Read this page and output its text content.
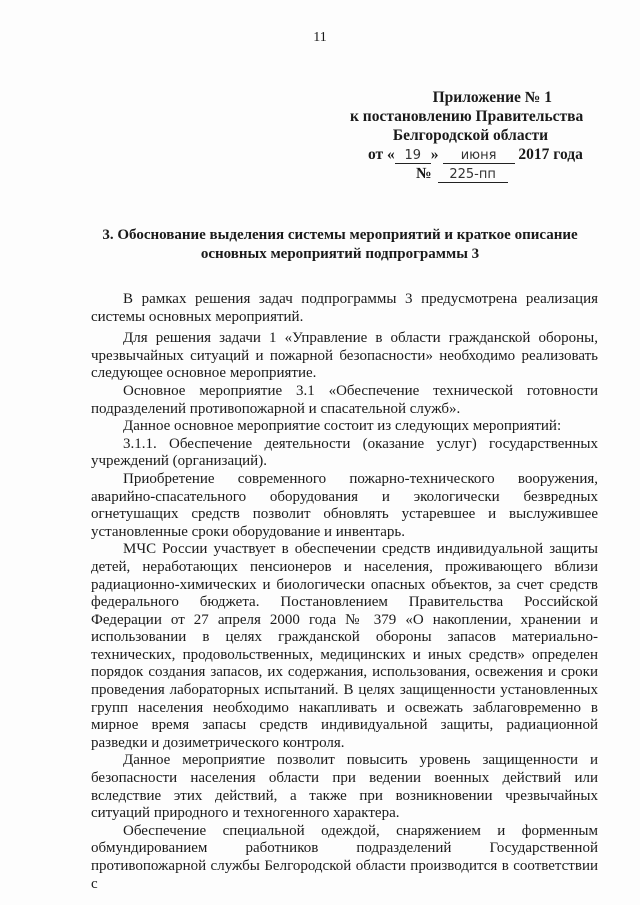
11
Приложение № 1
к постановлению Правительства
Белгородской области
от « 19 » июня 2017 года
№ 225-пп
3. Обоснование выделения системы мероприятий и краткое описание основных мероприятий подпрограммы 3

В рамках решения задач подпрограммы 3 предусмотрена реализация системы основных мероприятий.

Для решения задачи 1 «Управление в области гражданской обороны, чрезвычайных ситуаций и пожарной безопасности» необходимо реализовать следующее основное мероприятие.

Основное мероприятие 3.1 «Обеспечение технической готовности подразделений противопожарной и спасательной служб».

Данное основное мероприятие состоит из следующих мероприятий:

3.1.1. Обеспечение деятельности (оказание услуг) государственных учреждений (организаций).

Приобретение современного пожарно-технического вооружения, аварийно-спасательного оборудования и экологически безвредных огнетушащих средств позволит обновлять устаревшее и выслужившее установленные сроки оборудование и инвентарь.

МЧС России участвует в обеспечении средств индивидуальной защиты детей, неработающих пенсионеров и населения, проживающего вблизи радиационно-химических и биологически опасных объектов, за счет средств федерального бюджета. Постановлением Правительства Российской Федерации от 27 апреля 2000 года № 379 «О накоплении, хранении и использовании в целях гражданской обороны запасов материально-технических, продовольственных, медицинских и иных средств» определен порядок создания запасов, их содержания, использования, освежения и сроки проведения лабораторных испытаний. В целях защищенности установленных групп населения необходимо накапливать и освежать заблаговременно в мирное время запасы средств индивидуальной защиты, радиационной разведки и дозиметрического контроля.

Данное мероприятие позволит повысить уровень защищенности и безопасности населения области при ведении военных действий или вследствие этих действий, а также при возникновении чрезвычайных ситуаций природного и техногенного характера.

Обеспечение специальной одеждой, снаряжением и форменным обмундированием работников подразделений Государственной противопожарной службы Белгородской области производится в соответствии с
